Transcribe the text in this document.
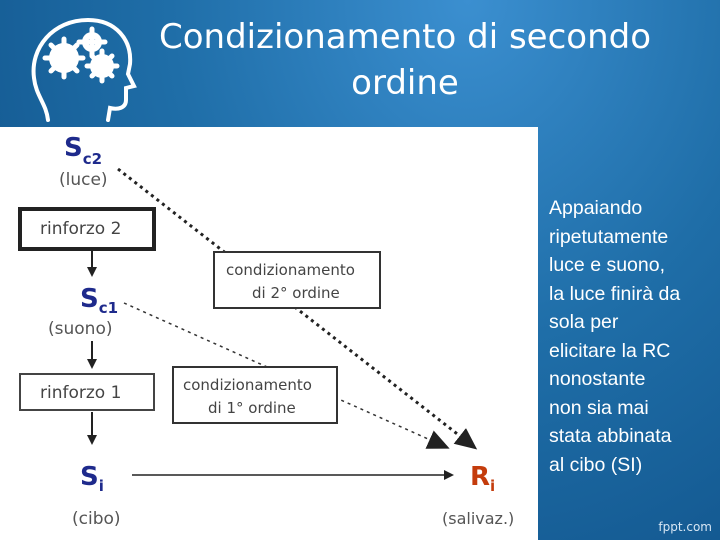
Condizionamento di secondo
ordine
$S_{c2}$
(luce)
rinforzo 2
$S_{c1}$
(suono)
rinforzo 1
$S_i$
(cibo)
$R_i$
(salivaz.)
condizionamento
di 2° ordine
condizionamento
di 1° ordine
Appaiando
ripetutamente
luce e suono,
la luce finirà da
sola per
elicitare la RC
nonostante
non sia mai
stata abbinata
al cibo (SI)
fppt.com
